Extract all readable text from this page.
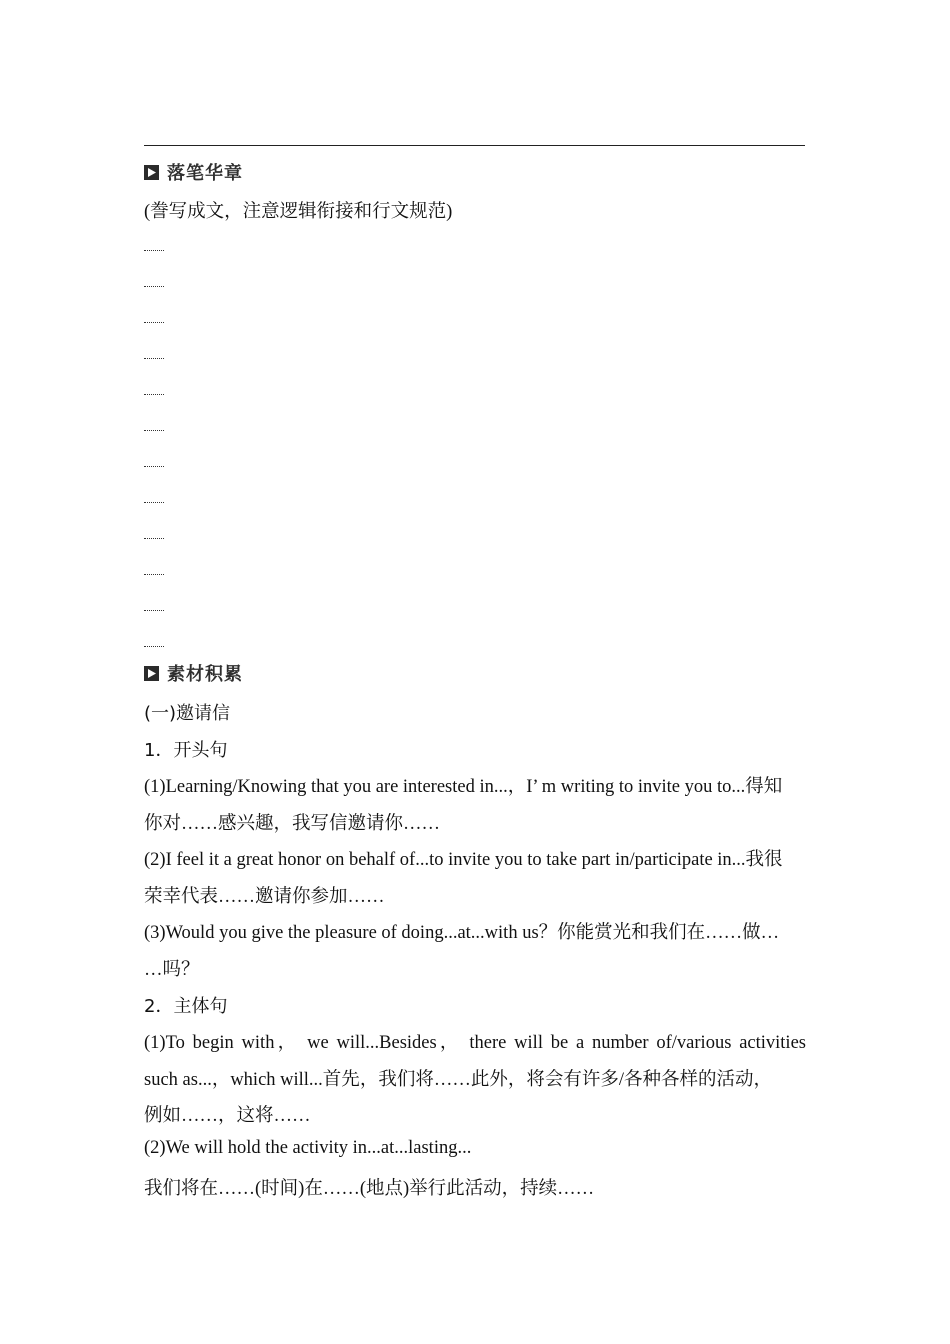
落笔华章
(誊写成文，注意逻辑衔接和行文规范)
素材积累
(一)邀请信
1．开头句
(1)Learning/Knowing that you are interested in...，I’ m writing to invite you to...得知
你对……感兴趣，我写信邀请你……
(2)I feel it a great honor on behalf of...to invite you to take part in/participate in...我很
荣幸代表……邀请你参加……
(3)Would you give the pleasure of doing...at...with us？你能赏光和我们在……做…
…吗？
2．主体句
(1)To begin with， we will...Besides， there will be a number of/various activities
such as...，which will...首先，我们将……此外，将会有许多/各种各样的活动，
例如……，这将……
(2)We will hold the activity in...at...lasting...
我们将在……(时间)在……(地点)举行此活动，持续……
